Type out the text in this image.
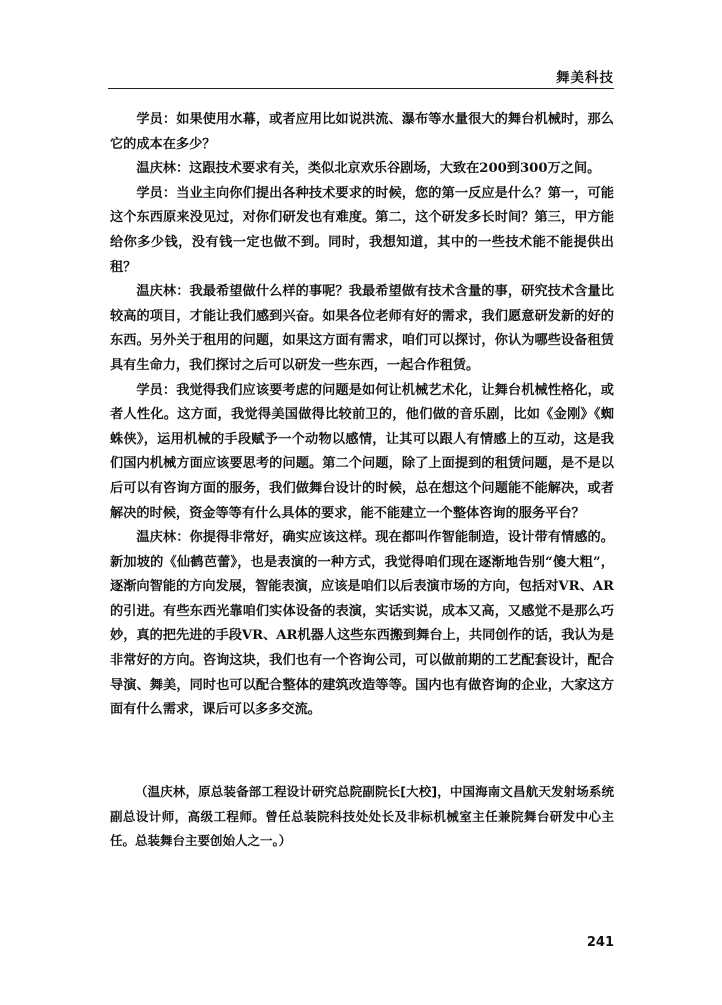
舞美科技

学员：如果使用水幕，或者应用比如说洪流、瀑布等水量很大的舞台机械时，那么它的成本在多少？

温庆林：这跟技术要求有关，类似北京欢乐谷剧场，大致在200到300万之间。

学员：当业主向你们提出各种技术要求的时候，您的第一反应是什么？第一，可能这个东西原来没见过，对你们研发也有难度。第二，这个研发多长时间？第三，甲方能给你多少钱，没有钱一定也做不到。同时，我想知道，其中的一些技术能不能提供出租？

温庆林：我最希望做什么样的事呢？我最希望做有技术含量的事，研究技术含量比较高的项目，才能让我们感到兴奋。如果各位老师有好的需求，我们愿意研发新的好的东西。另外关于租用的问题，如果这方面有需求，咱们可以探讨，你认为哪些设备租赁具有生命力，我们探讨之后可以研发一些东西，一起合作租赁。

学员：我觉得我们应该要考虑的问题是如何让机械艺术化，让舞台机械性格化，或者人性化。这方面，我觉得美国做得比较前卫的，他们做的音乐剧，比如《金刚》《蜘蛛侠》，运用机械的手段赋予一个动物以感情，让其可以跟人有情感上的互动，这是我们国内机械方面应该要思考的问题。第二个问题，除了上面提到的租赁问题，是不是以后可以有咨询方面的服务，我们做舞台设计的时候，总在想这个问题能不能解决，或者解决的时候，资金等等有什么具体的要求，能不能建立一个整体咨询的服务平台？

温庆林：你提得非常好，确实应该这样。现在都叫作智能制造，设计带有情感的。新加坡的《仙鹤芭蕾》，也是表演的一种方式，我觉得咱们现在逐渐地告别“傻大粗”，逐渐向智能的方向发展，智能表演，应该是咱们以后表演市场的方向，包括对VR、AR的引进。有些东西光靠咱们实体设备的表演，实话实说，成本又高，又感觉不是那么巧妙，真的把先进的手段VR、AR机器人这些东西搬到舞台上，共同创作的话，我认为是非常好的方向。咨询这块，我们也有一个咨询公司，可以做前期的工艺配套设计，配合导演、舞美，同时也可以配合整体的建筑改造等等。国内也有做咨询的企业，大家这方面有什么需求，课后可以多多交流。

（温庆林，原总装备部工程设计研究总院副院长[大校]，中国海南文昌航天发射场系统副总设计师，高级工程师。曾任总装院科技处处长及非标机械室主任兼院舞台研发中心主任。总装舞台主要创始人之一。）

241
